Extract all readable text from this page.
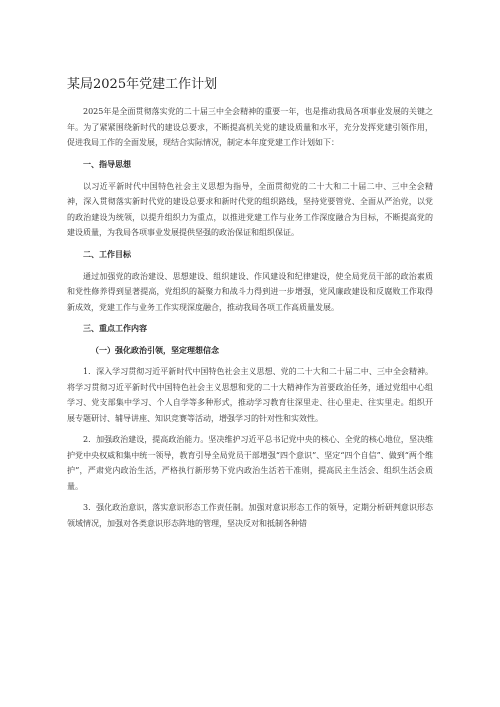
某局2025年党建工作计划

2025年是全面贯彻落实党的二十届三中全会精神的重要一年，也是推动我局各项事业发展的关键之年。为了紧紧围绕新时代的建设总要求，不断提高机关党的建设质量和水平，充分发挥党建引领作用，促进我局工作的全面发展，现结合实际情况，制定本年度党建工作计划如下：

一、指导思想

以习近平新时代中国特色社会主义思想为指导，全面贯彻党的二十大和二十届二中、三中全会精神，深入贯彻落实新时代党的建设总要求和新时代党的组织路线，坚持党要管党、全面从严治党，以党的政治建设为统领，以提升组织力为重点，以推进党建工作与业务工作深度融合为目标，不断提高党的建设质量，为我局各项事业发展提供坚强的政治保证和组织保证。

二、工作目标

通过加强党的政治建设、思想建设、组织建设、作风建设和纪律建设，使全局党员干部的政治素质和党性修养得到显著提高，党组织的凝聚力和战斗力得到进一步增强，党风廉政建设和反腐败工作取得新成效，党建工作与业务工作实现深度融合，推动我局各项工作高质量发展。

三、重点工作内容
（一）强化政治引领，坚定理想信念

1．深入学习贯彻习近平新时代中国特色社会主义思想、党的二十大和二十届二中、三中全会精神。将学习贯彻习近平新时代中国特色社会主义思想和党的二十大精神作为首要政治任务，通过党组中心组学习、党支部集中学习、个人自学等多种形式，推动学习教育往深里走、往心里走、往实里走。组织开展专题研讨、辅导讲座、知识竞赛等活动，增强学习的针对性和实效性。

2．加强政治建设，提高政治能力。坚决维护习近平总书记党中央的核心、全党的核心地位，坚决维护党中央权威和集中统一领导，教育引导全局党员干部增强“四个意识”、坚定“四个自信”、做到“两个维护”，严肃党内政治生活，严格执行新形势下党内政治生活若干准则，提高民主生活会、组织生活会质量。

3．强化政治意识，落实意识形态工作责任制。加强对意识形态工作的领导，定期分析研判意识形态领域情况，加强对各类意识形态阵地的管理，坚决反对和抵制各种错
